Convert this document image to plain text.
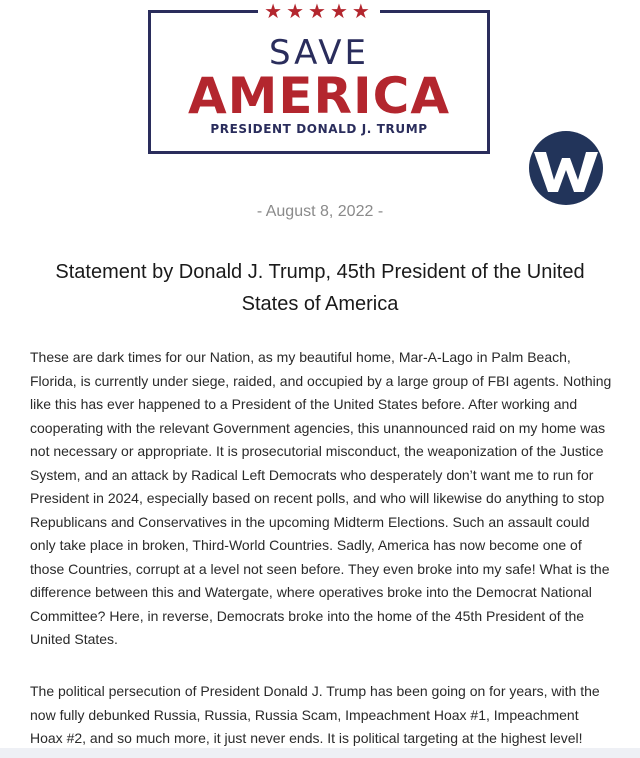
★★★★★
SAVE
AMERICA
PRESIDENT DONALD J. TRUMP
- August 8, 2022 -
Statement by Donald J. Trump, 45th President of the United States of America

These are dark times for our Nation, as my beautiful home, Mar-A-Lago in Palm Beach, Florida, is currently under siege, raided, and occupied by a large group of FBI agents. Nothing like this has ever happened to a President of the United States before. After working and cooperating with the relevant Government agencies, this unannounced raid on my home was not necessary or appropriate. It is prosecutorial misconduct, the weaponization of the Justice System, and an attack by Radical Left Democrats who desperately don’t want me to run for President in 2024, especially based on recent polls, and who will likewise do anything to stop Republicans and Conservatives in the upcoming Midterm Elections. Such an assault could only take place in broken, Third-World Countries. Sadly, America has now become one of those Countries, corrupt at a level not seen before. They even broke into my safe! What is the difference between this and Watergate, where operatives broke into the Democrat National Committee? Here, in reverse, Democrats broke into the home of the 45th President of the United States.

The political persecution of President Donald J. Trump has been going on for years, with the now fully debunked Russia, Russia, Russia Scam, Impeachment Hoax #1, Impeachment Hoax #2, and so much more, it just never ends. It is political targeting at the highest level!
